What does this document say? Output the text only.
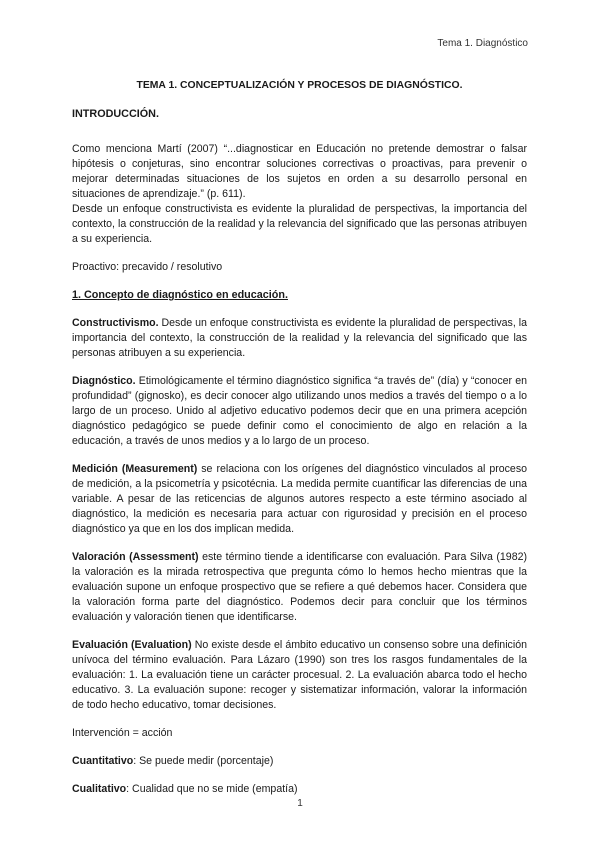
Tema 1. Diagnóstico
TEMA 1. CONCEPTUALIZACIÓN Y PROCESOS DE DIAGNÓSTICO.
INTRODUCCIÓN.

Como menciona Martí (2007) “...diagnosticar en Educación no pretende demostrar o falsar hipótesis o conjeturas, sino encontrar soluciones correctivas o proactivas, para prevenir o mejorar determinadas situaciones de los sujetos en orden a su desarrollo personal en situaciones de aprendizaje.” (p. 611).

Desde un enfoque constructivista es evidente la pluralidad de perspectivas, la importancia del contexto, la construcción de la realidad y la relevancia del significado que las personas atribuyen a su experiencia.

Proactivo: precavido / resolutivo

1. Concepto de diagnóstico en educación.

Constructivismo. Desde un enfoque constructivista es evidente la pluralidad de perspectivas, la importancia del contexto, la construcción de la realidad y la relevancia del significado que las personas atribuyen a su experiencia.

Diagnóstico. Etimológicamente el término diagnóstico significa “a través de” (día) y “conocer en profundidad” (gignosko), es decir conocer algo utilizando unos medios a través del tiempo o a lo largo de un proceso. Unido al adjetivo educativo podemos decir que en una primera acepción diagnóstico pedagógico se puede definir como el conocimiento de algo en relación a la educación, a través de unos medios y a lo largo de un proceso.

Medición (Measurement) se relaciona con los orígenes del diagnóstico vinculados al proceso de medición, a la psicometría y psicotécnia. La medida permite cuantificar las diferencias de una variable. A pesar de las reticencias de algunos autores respecto a este término asociado al diagnóstico, la medición es necesaria para actuar con rigurosidad y precisión en el proceso diagnóstico ya que en los dos implican medida.

Valoración (Assessment) este término tiende a identificarse con evaluación. Para Silva (1982) la valoración es la mirada retrospectiva que pregunta cómo lo hemos hecho mientras que la evaluación supone un enfoque prospectivo que se refiere a qué debemos hacer. Considera que la valoración forma parte del diagnóstico. Podemos decir para concluir que los términos evaluación y valoración tienen que identificarse.

Evaluación (Evaluation) No existe desde el ámbito educativo un consenso sobre una definición unívoca del término evaluación. Para Lázaro (1990) son tres los rasgos fundamentales de la evaluación: 1. La evaluación tiene un carácter procesual. 2. La evaluación abarca todo el hecho educativo. 3. La evaluación supone: recoger y sistematizar información, valorar la información de todo hecho educativo, tomar decisiones.

Intervención = acción

Cuantitativo: Se puede medir (porcentaje)

Cualitativo: Cualidad que no se mide (empatía)

1
